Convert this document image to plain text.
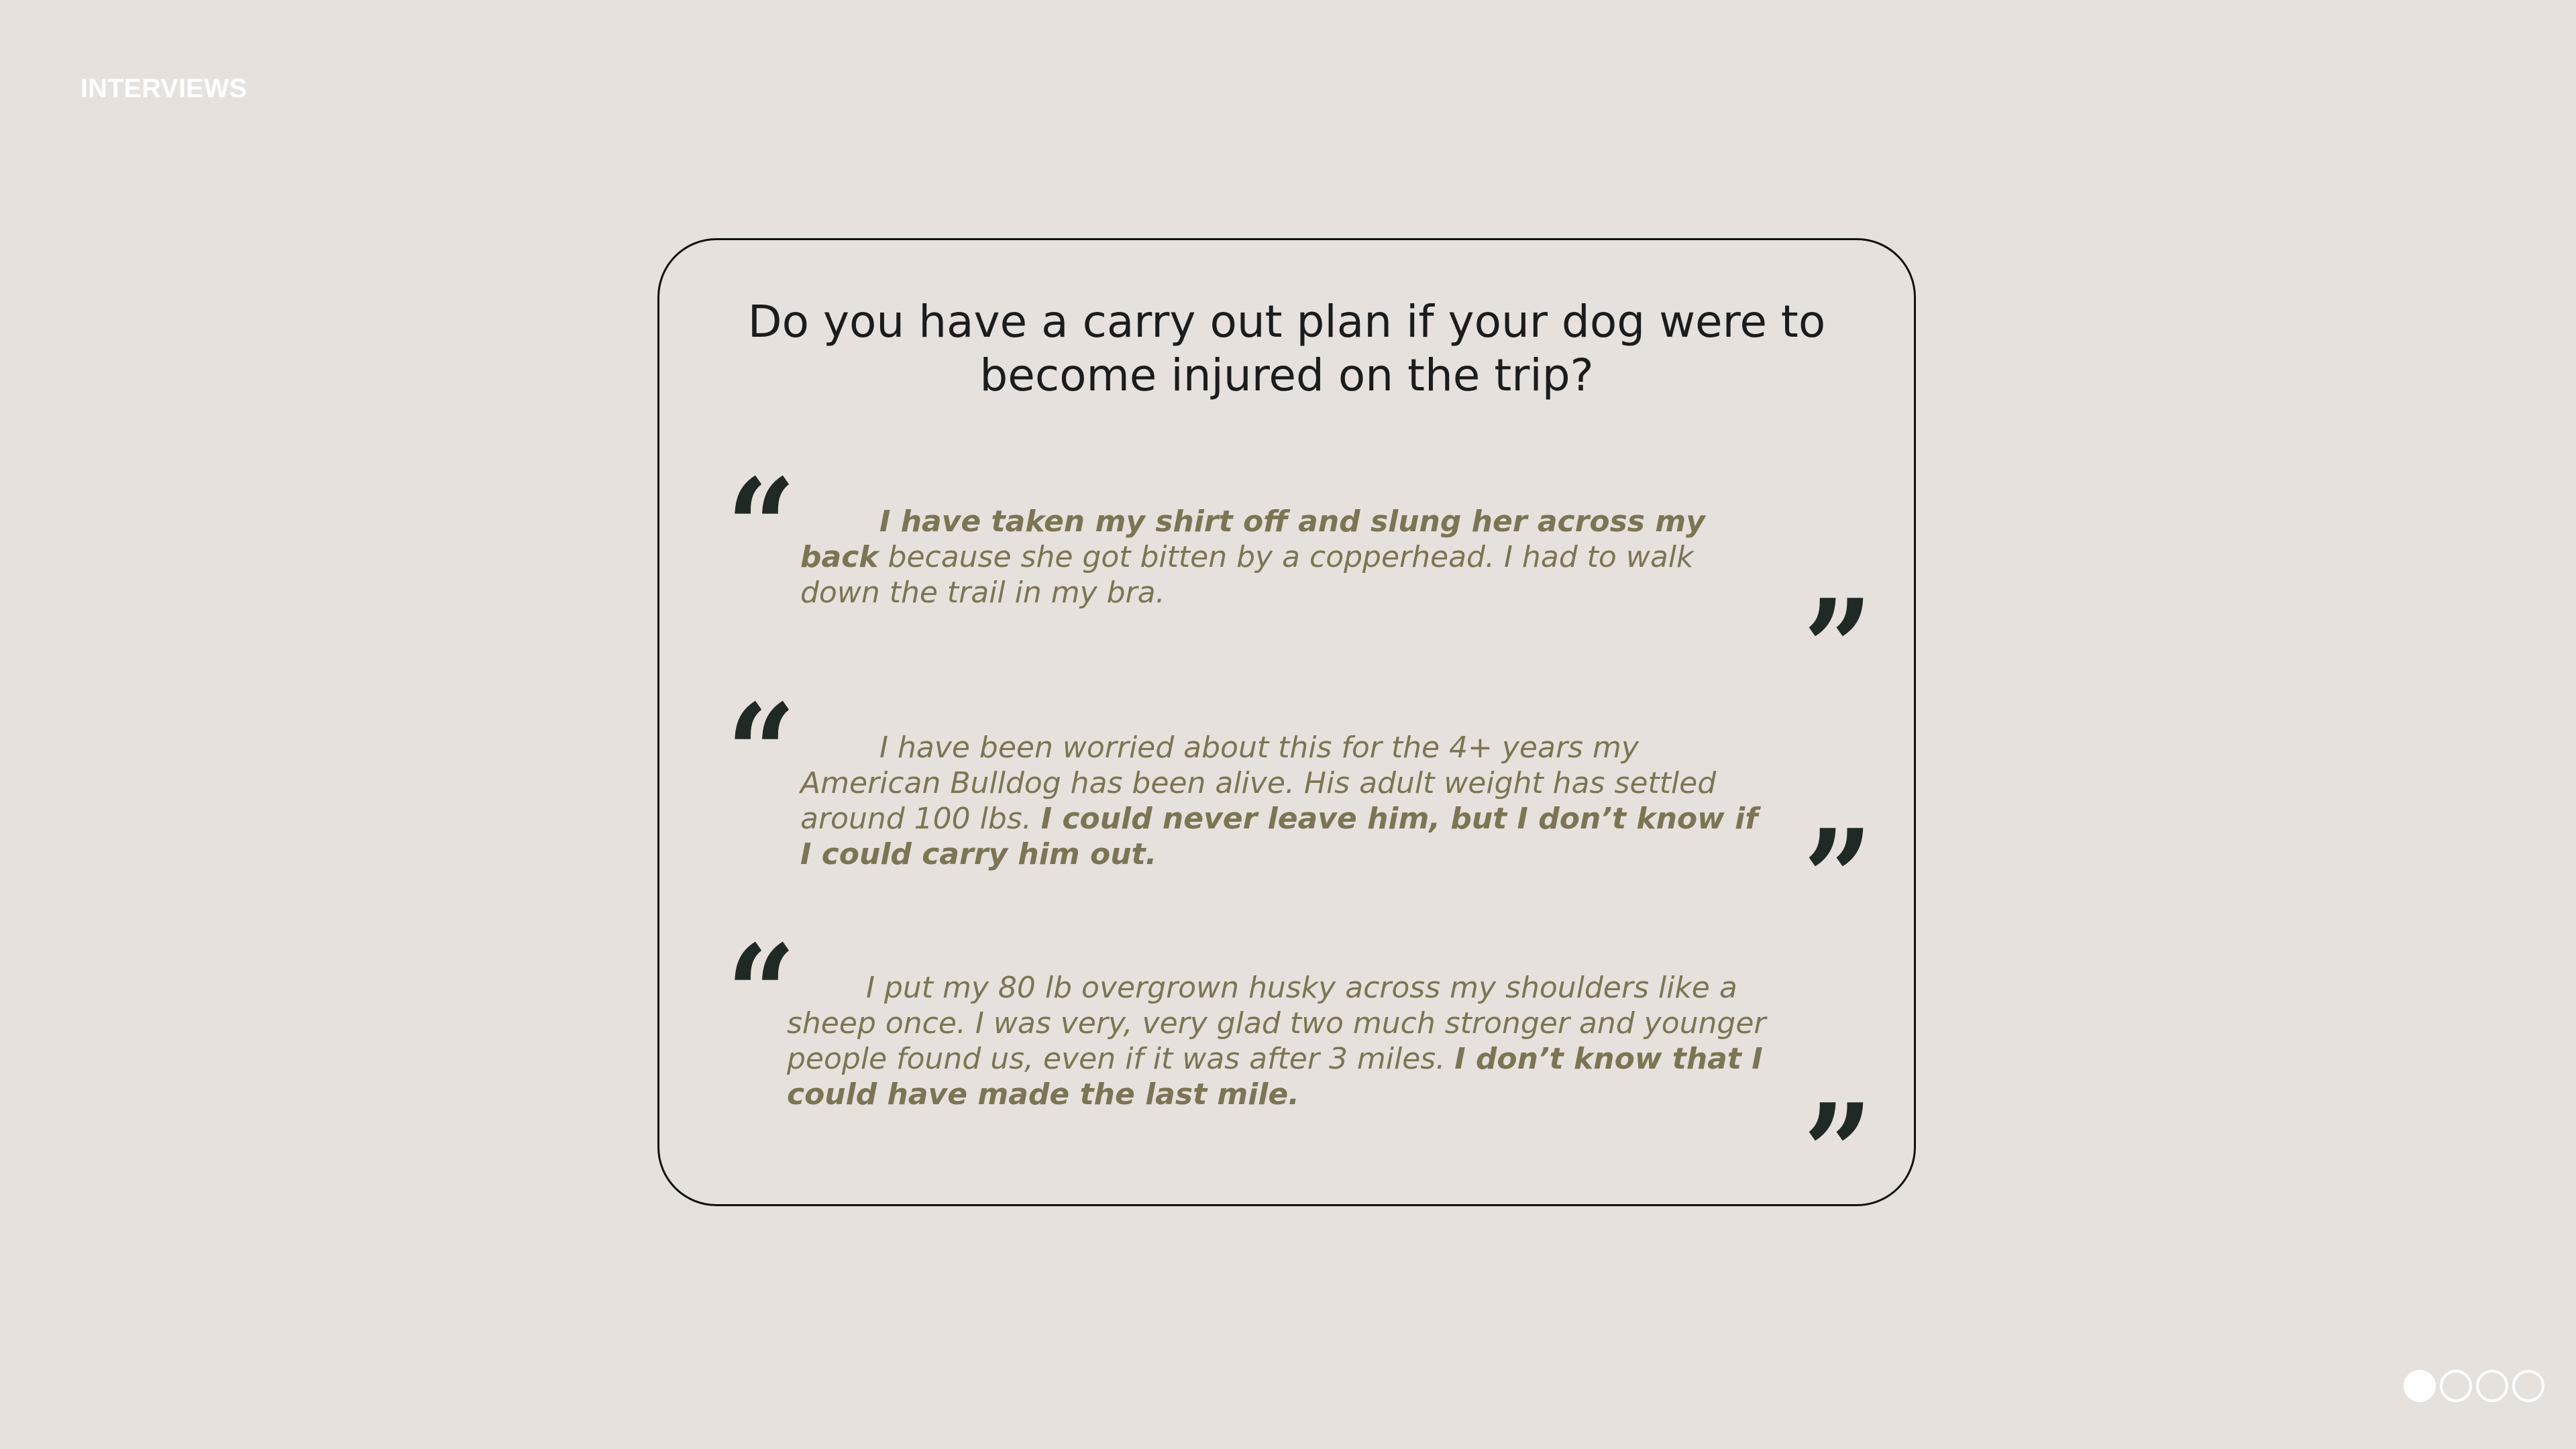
INTERVIEWS
Do you have a carry out plan if your dog were to become injured on the trip?
“	I have taken my shirt off and slung her across my back because she got bitten by a copperhead. I had to walk down the trail in my bra.	”
“	I have been worried about this for the 4+ years my American Bulldog has been alive. His adult weight has settled around 100 lbs. I could never leave him, but I don’t know if I could carry him out.	”
“	I put my 80 lb overgrown husky across my shoulders like a sheep once. I was very, very glad two much stronger and younger people found us, even if it was after 3 miles. I don’t know that I could have made the last mile.	”
